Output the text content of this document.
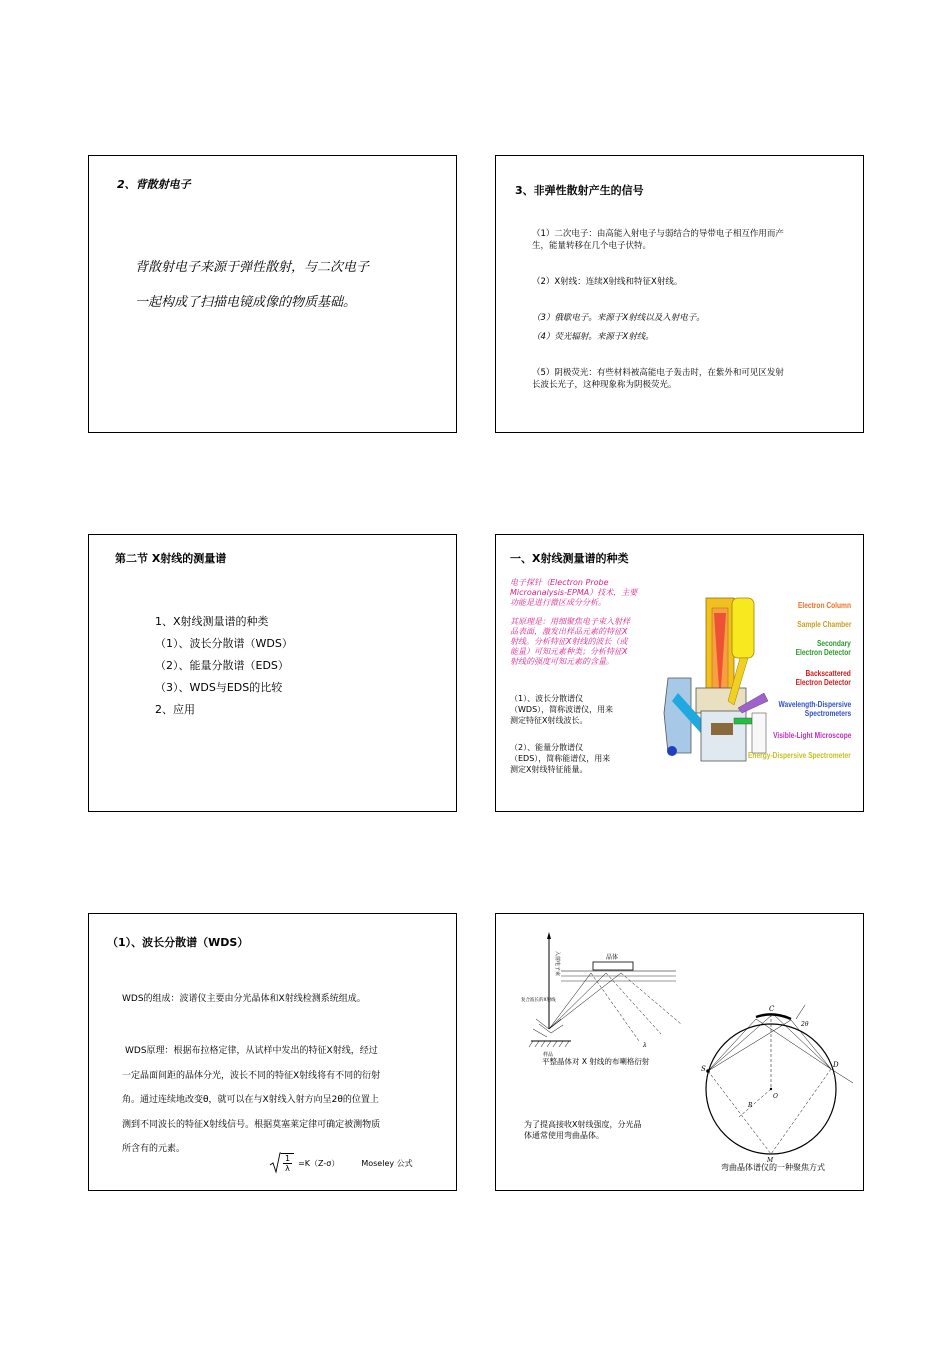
2、背散射电子
背散射电子来源于弹性散射，与二次电子
一起构成了扫描电镜成像的物质基础。
3、非弹性散射产生的信号
（1）二次电子：由高能入射电子与弱结合的导带电子相互作用而产
生，能量转移在几个电子伏特。
（2）X射线：连续X射线和特征X射线。
（3）俄歇电子。来源于X射线以及入射电子。
（4）荧光辐射。来源于X射线。
（5）阴极荧光：有些材料被高能电子轰击时，在紫外和可见区发射
长波长光子，这种现象称为阴极荧光。
第二节 X射线的测量谱
1、X射线测量谱的种类
（1）、波长分散谱（WDS）
（2）、能量分散谱（EDS）
（3）、WDS与EDS的比较
2、应用
一、X射线测量谱的种类
电子探针（Electron Probe
Microanalysis-EPMA）技术，主要
功能是进行微区成分分析。
其原理是：用细聚焦电子束入射样
品表面，激发出样品元素的特征X
射线。分析特征X射线的波长（或
能量）可知元素种类；分析特征X
射线的强度可知元素的含量。
（1）、波长分散谱仪
（WDS），简称波谱仪，用来
测定特征X射线波长。
（2）、能量分散谱仪
（EDS），简称能谱仪，用来
测定X射线特征能量。
Electron Column
Sample Chamber
Secondary
Electron Detector
Backscattered
Electron Detector
Wavelength-Dispersive
Spectrometers
Visible-Light Microscope
Energy-Dispersive Spectrometer
（1）、波长分散谱（WDS）
WDS的组成：波谱仪主要由分光晶体和X射线检测系统组成。
WDS原理：根据布拉格定律，从试样中发出的特征X射线，经过
一定晶面间距的晶体分光，波长不同的特征X射线将有不同的衍射
角。通过连续地改变θ，就可以在与X射线入射方向呈2θ的位置上
测到不同波长的特征X射线信号。根据莫塞莱定律可确定被测物质
所含有的元素。
$\frac{1}{\lambda} =K(Z-\sigma)$	Moseley 公式
晶体
入射电子束
复合波长的X射线
样品
λ
平整晶体对 X 射线的布喇格衍射
为了提高接收X射线强度，分光晶
体通常使用弯曲晶体。
C
S	D
O
R
M
2θ
弯曲晶体谱仪的一种聚焦方式
